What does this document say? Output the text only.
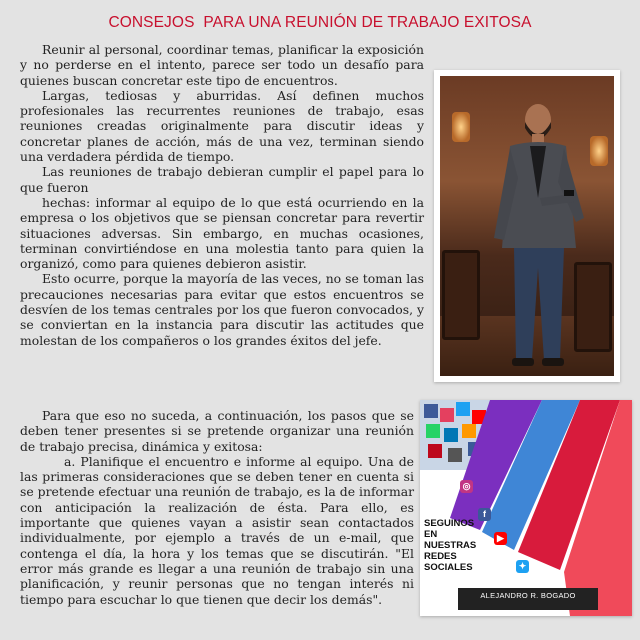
CONSEJOS  PARA UNA REUNIÓN DE TRABAJO EXITOSA

Reunir al personal, coordinar temas, planificar la exposición y no perderse en el intento, parece ser todo un desafío para quienes buscan concretar este tipo de encuentros.

Largas, tediosas y aburridas. Así definen muchos profesionales las recurrentes reuniones de trabajo, esas reuniones creadas originalmente para discutir ideas y concretar planes de acción, más de una vez, terminan siendo una verdadera pérdida de tiempo.

Las reuniones de trabajo debieran cumplir el papel para lo que fueron

hechas: informar al equipo de lo que está ocurriendo en la empresa o los objetivos que se piensan concretar para revertir situaciones adversas. Sin embargo, en muchas ocasiones, terminan convirtiéndose en una molestia tanto para quien la organizó, como para quienes debieron asistir.

Esto ocurre, porque la mayoría de las veces, no se toman las precauciones necesarias para evitar que estos encuentros se desvíen de los temas centrales por los que fueron convocados, y se conviertan en la instancia para discutir las actitudes que molestan de los compañeros o los grandes éxitos del jefe.

Para que eso no suceda, a continuación, los pasos que se deben tener presentes si se pretende organizar una reunión de trabajo precisa, dinámica y exitosa:

a. Planifique el encuentro e informe al equipo. Una de las primeras consideraciones que se deben tener en cuenta si se pretende efectuar una reunión de trabajo, es la de informar con anticipación la realización de ésta. Para ello, es importante que quienes vayan a asistir sean contactados individualmente, por ejemplo a través de un e-mail, que contenga el día, la hora y los temas que se discutirán. "El error más grande es llegar a una reunión de trabajo sin una planificación, y reunir personas que no tengan interés ni tiempo para escuchar lo que tienen que decir los demás".

◎
f
▶
✦
SEGUINOS
EN
NUESTRAS
REDES
SOCIALES
ALEJANDRO R. BOGADO
